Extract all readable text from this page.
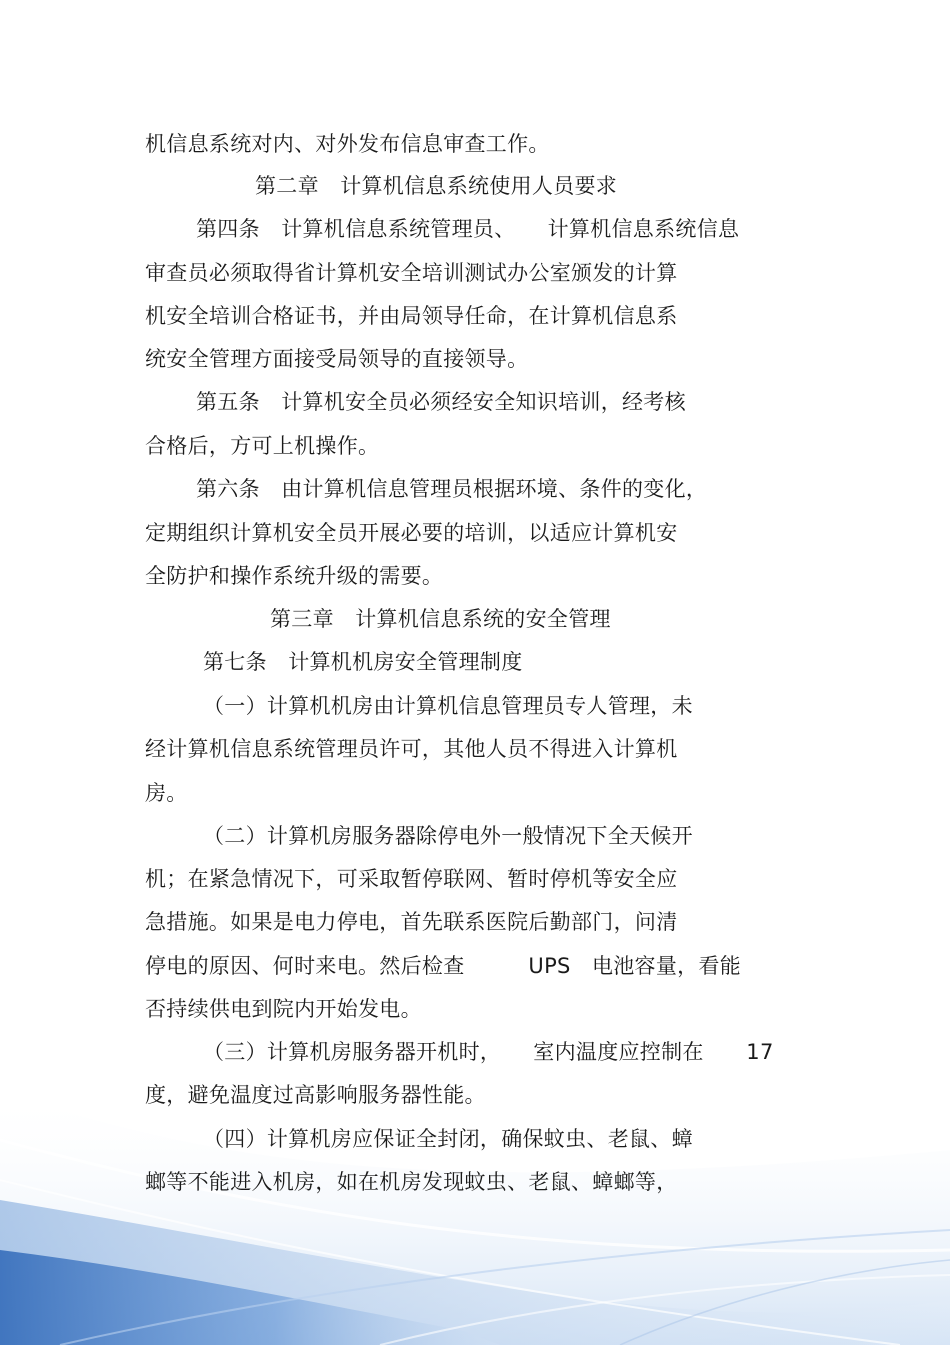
机信息系统对内、对外发布信息审查工作。
第二章　计算机信息系统使用人员要求
第四条　计算机信息系统管理员、　　计算机信息系统信息
审查员必须取得省计算机安全培训测试办公室颁发的计算
机安全培训合格证书，并由局领导任命，在计算机信息系
统安全管理方面接受局领导的直接领导。
第五条　计算机安全员必须经安全知识培训，经考核
合格后，方可上机操作。
第六条　由计算机信息管理员根据环境、条件的变化，
定期组织计算机安全员开展必要的培训，以适应计算机安
全防护和操作系统升级的需要。
第三章　计算机信息系统的安全管理
第七条　计算机机房安全管理制度
（一）计算机机房由计算机信息管理员专人管理，未
经计算机信息系统管理员许可，其他人员不得进入计算机
房。
（二）计算机房服务器除停电外一般情况下全天候开
机；在紧急情况下，可采取暂停联网、暂时停机等安全应
急措施。如果是电力停电，首先联系医院后勤部门，问清
停电的原因、何时来电。然后检查　　　UPS　电池容量，看能
否持续供电到院内开始发电。
（三）计算机房服务器开机时，　　室内温度应控制在　　17
度，避免温度过高影响服务器性能。
（四）计算机房应保证全封闭，确保蚊虫、老鼠、蟑
螂等不能进入机房，如在机房发现蚊虫、老鼠、蟑螂等，
